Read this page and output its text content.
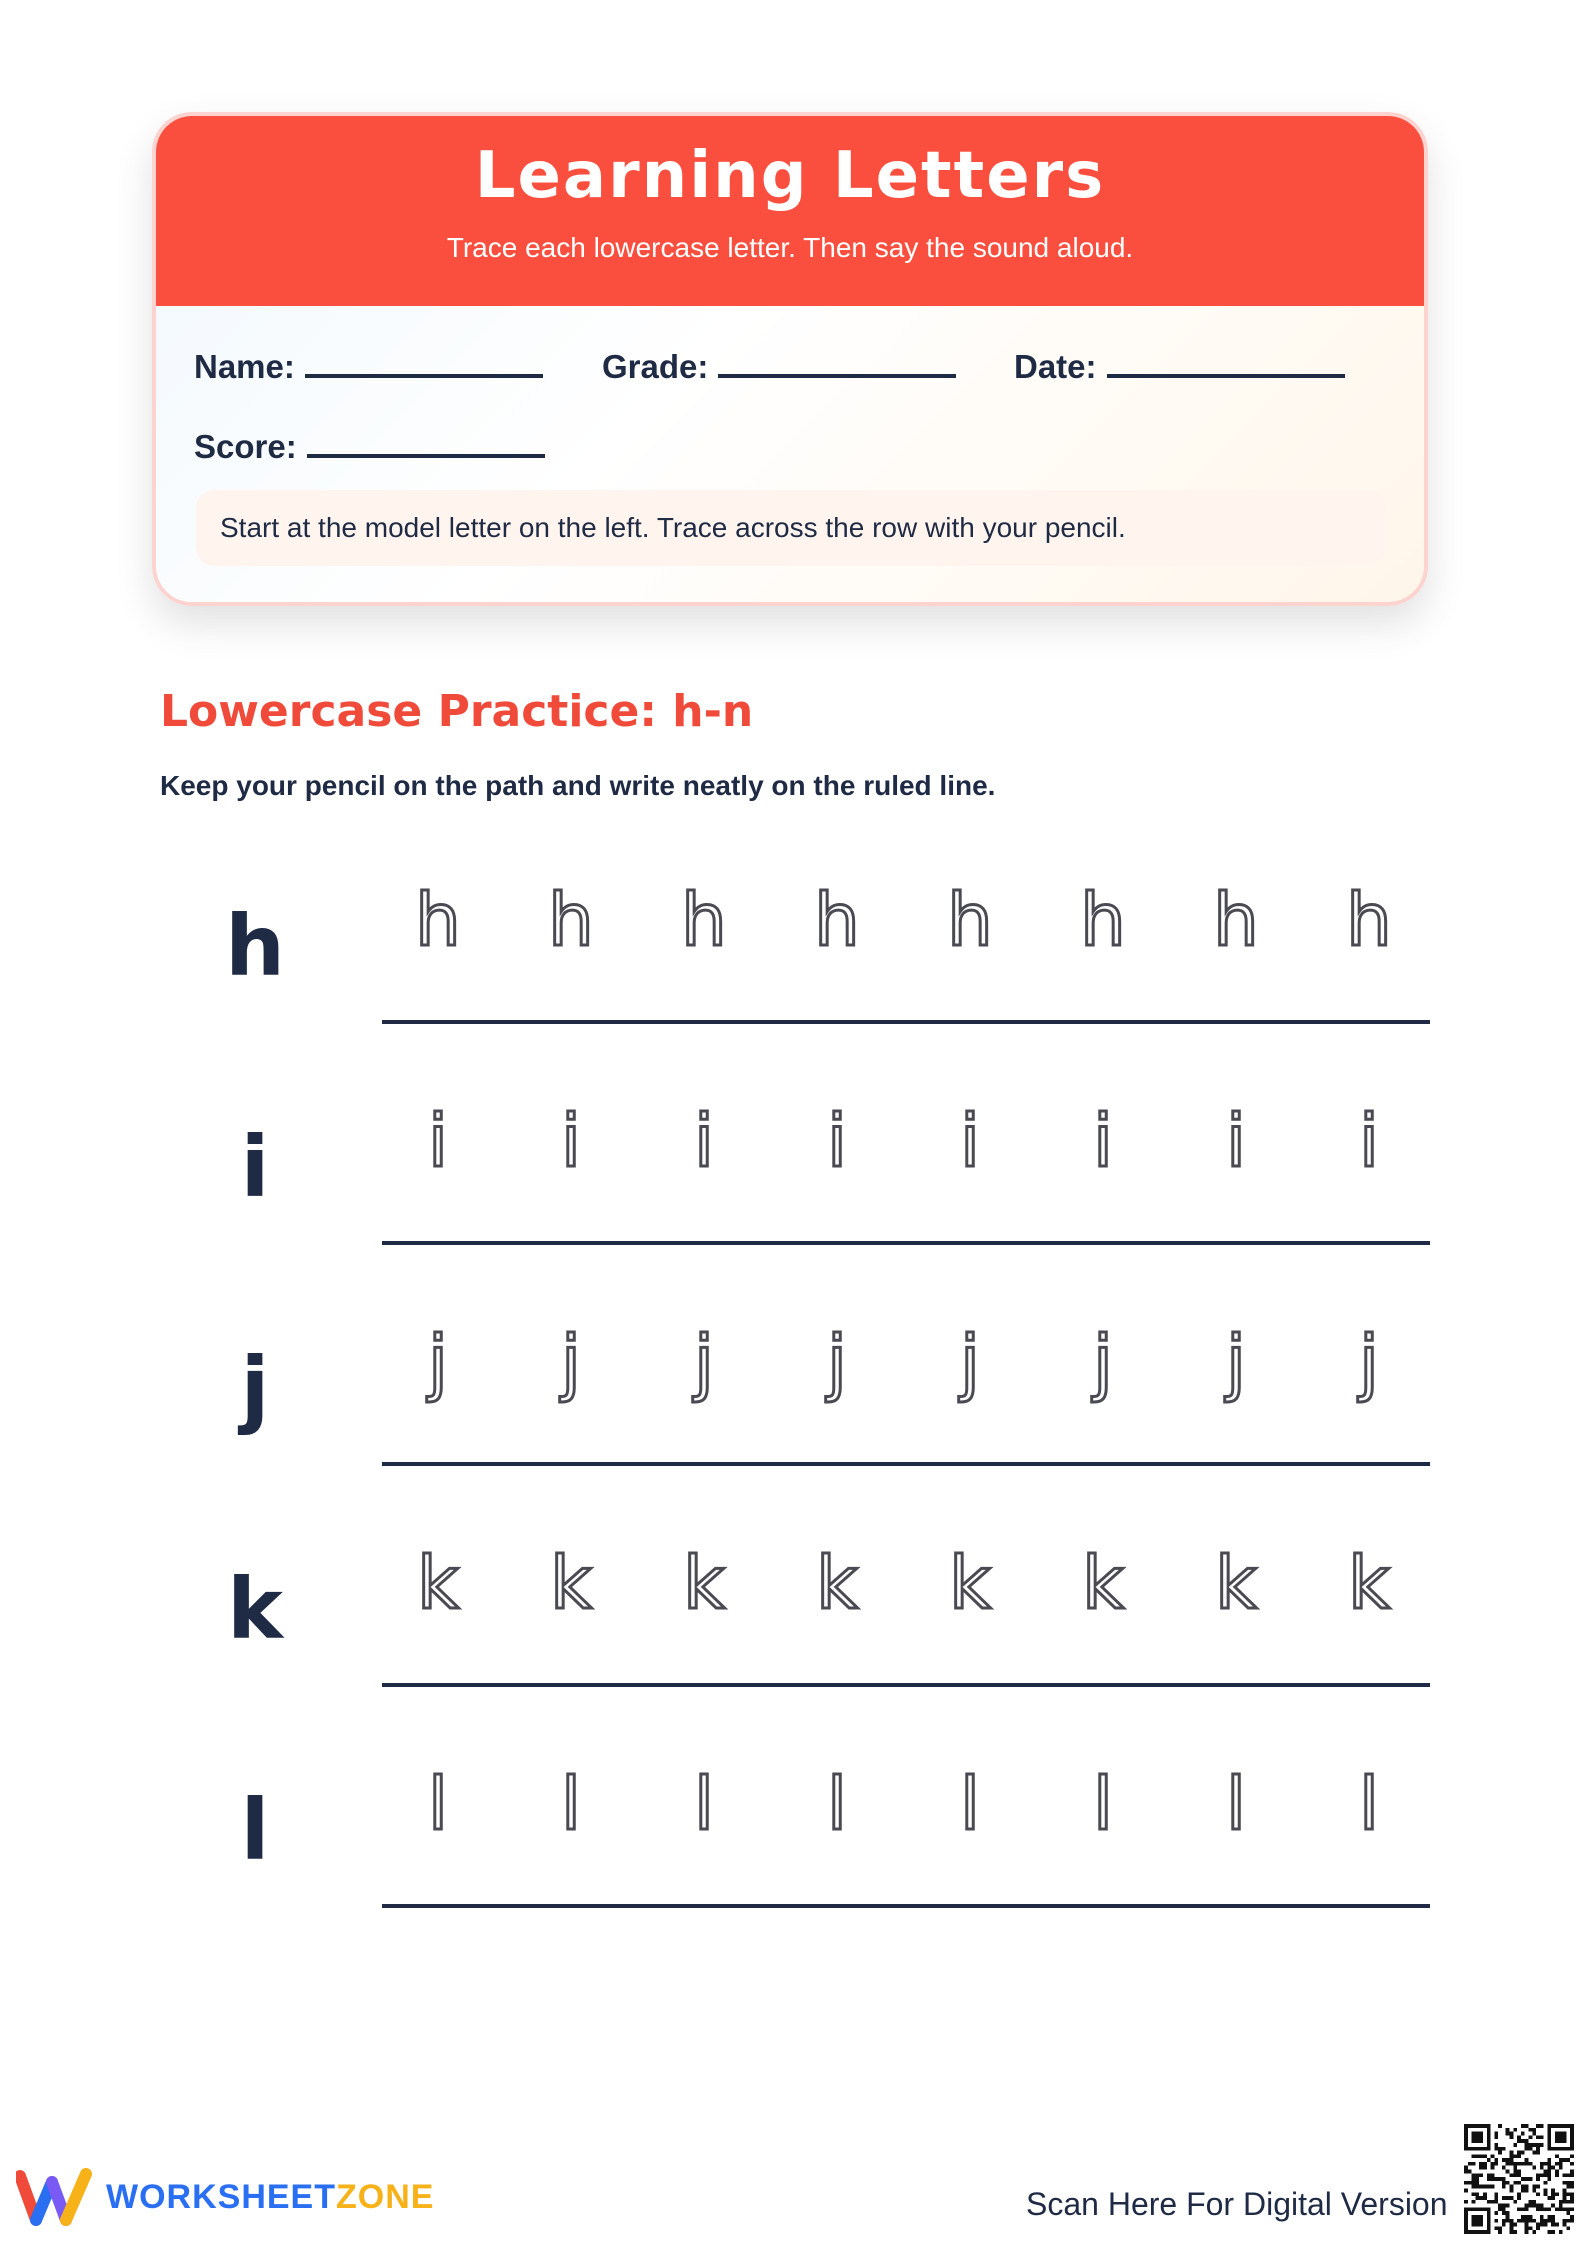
Learning Letters
Trace each lowercase letter. Then say the sound aloud.
Name:	Grade:	Date:
Score:
Start at the model letter on the left. Trace across the row with your pencil.
Lowercase Practice: h-n
Keep your pencil on the path and write neatly on the ruled line.
h	h h h h h h h h
i	i	i	i	i	i	i	i	i
j	j	j	j	j	j	j	j	j
k	k k k k k k k k
l	l	l	l	l	l	l	l	l
WORKSHEETZONE	Scan Here For Digital Version
